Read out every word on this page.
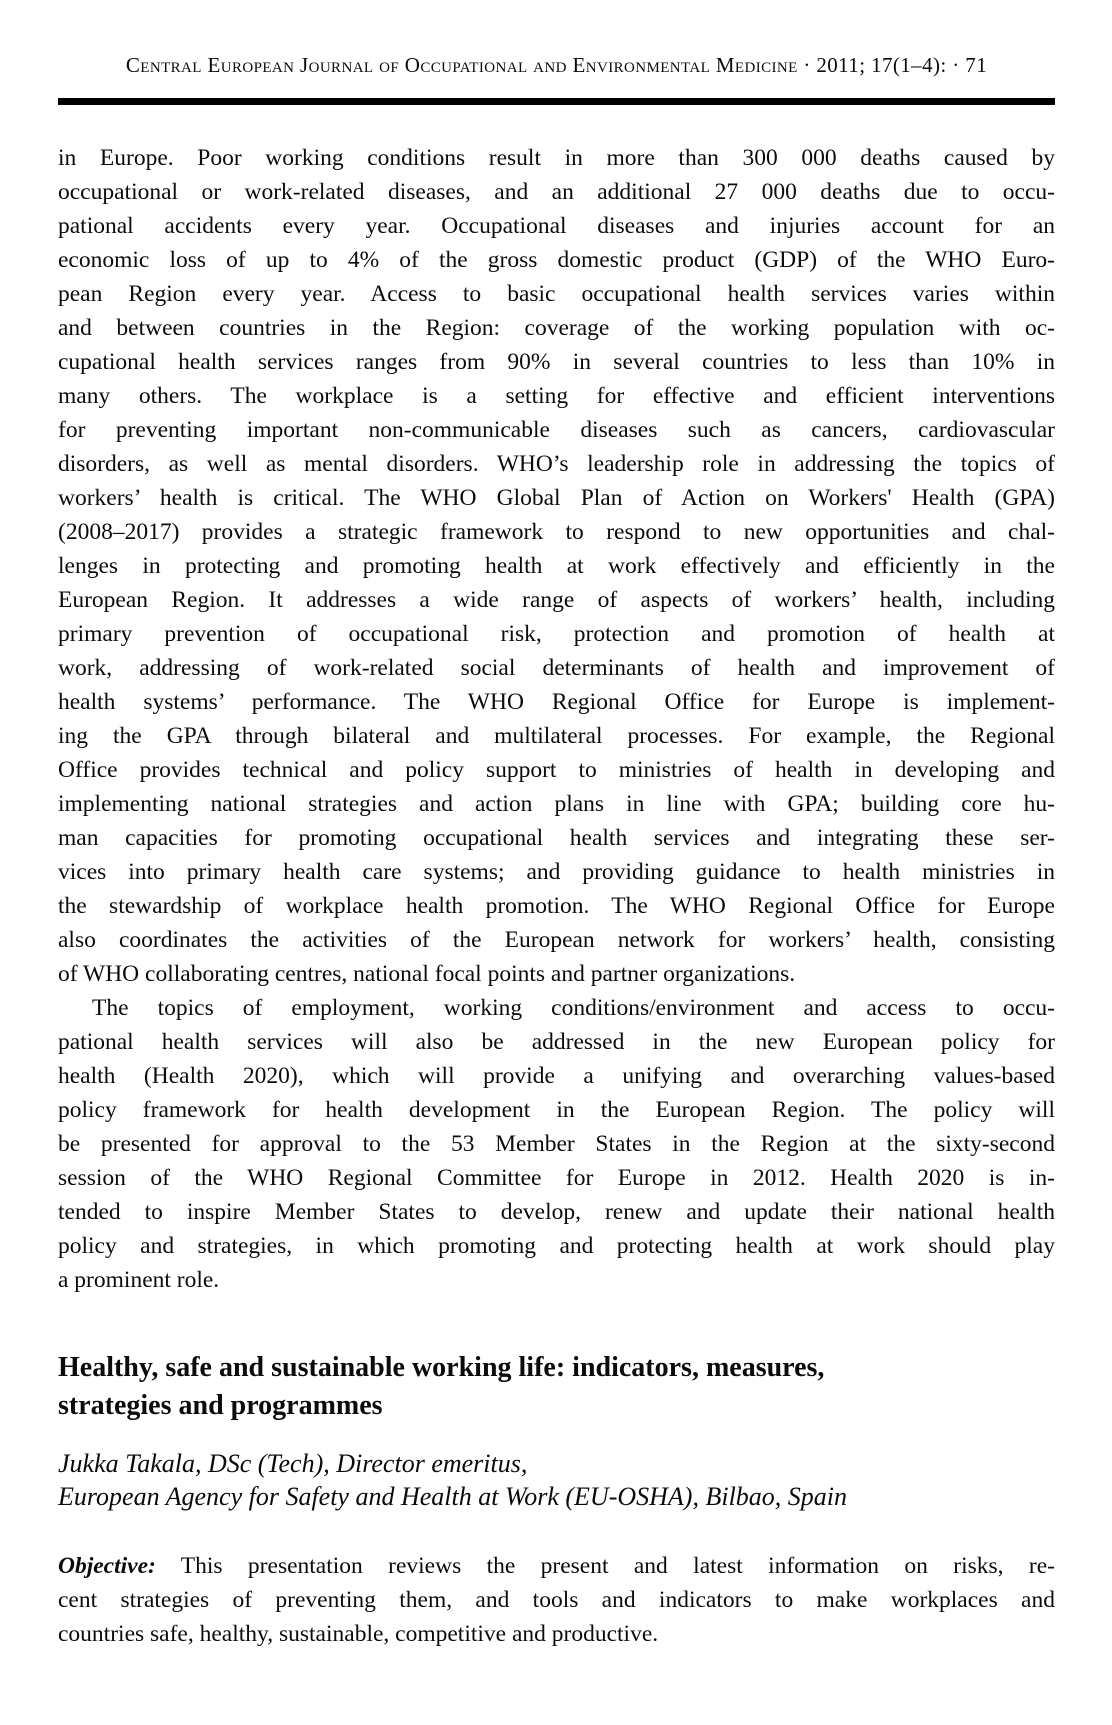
Central European Journal of Occupational and Environmental Medicine · 2011; 17(1–4): · 71
in Europe. Poor working conditions result in more than 300 000 deaths caused by
occupational or work-related diseases, and an additional 27 000 deaths due to occu-
pational accidents every year. Occupational diseases and injuries account for an
economic loss of up to 4% of the gross domestic product (GDP) of the WHO Euro-
pean Region every year. Access to basic occupational health services varies within
and between countries in the Region: coverage of the working population with oc-
cupational health services ranges from 90% in several countries to less than 10% in
many others. The workplace is a setting for effective and efficient interventions
for preventing important non-communicable diseases such as cancers, cardiovascular
disorders, as well as mental disorders. WHO’s leadership role in addressing the topics of
workers’ health is critical. The WHO Global Plan of Action on Workers' Health (GPA)
(2008–2017) provides a strategic framework to respond to new opportunities and chal-
lenges in protecting and promoting health at work effectively and efficiently in the
European Region. It addresses a wide range of aspects of workers’ health, including
primary prevention of occupational risk, protection and promotion of health at
work, addressing of work-related social determinants of health and improvement of
health systems’ performance. The WHO Regional Office for Europe is implement-
ing the GPA through bilateral and multilateral processes. For example, the Regional
Office provides technical and policy support to ministries of health in developing and
implementing national strategies and action plans in line with GPA; building core hu-
man capacities for promoting occupational health services and integrating these ser-
vices into primary health care systems; and providing guidance to health ministries in
the stewardship of workplace health promotion. The WHO Regional Office for Europe
also coordinates the activities of the European network for workers’ health, consisting
of WHO collaborating centres, national focal points and partner organizations.
The topics of employment, working conditions/environment and access to occu-
pational health services will also be addressed in the new European policy for
health (Health 2020), which will provide a unifying and overarching values-based
policy framework for health development in the European Region. The policy will
be presented for approval to the 53 Member States in the Region at the sixty-second
session of the WHO Regional Committee for Europe in 2012. Health 2020 is in-
tended to inspire Member States to develop, renew and update their national health
policy and strategies, in which promoting and protecting health at work should play
a prominent role.
Healthy, safe and sustainable working life: indicators, measures,
strategies and programmes
Jukka Takala, DSc (Tech), Director emeritus,
European Agency for Safety and Health at Work (EU-OSHA), Bilbao, Spain
Objective: This presentation reviews the present and latest information on risks, re-
cent strategies of preventing them, and tools and indicators to make workplaces and
countries safe, healthy, sustainable, competitive and productive.
